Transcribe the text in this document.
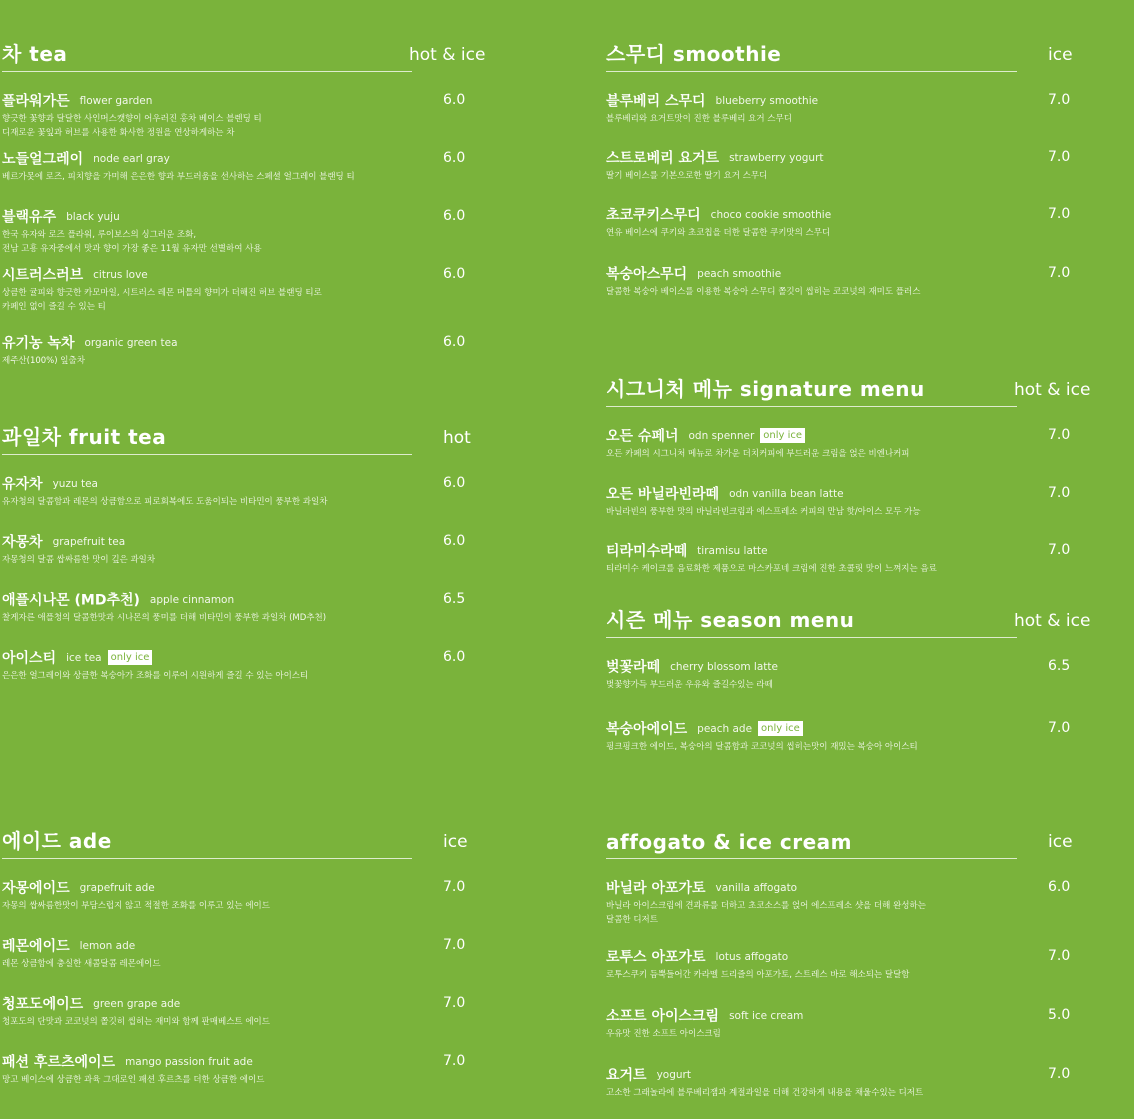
차 tea	hot & ice
플라워가든 flower garden	6.0
향긋한 꽃향과 달달한 사인머스캣향이 어우러진 홍차 베이스 블렌딩 티
디재로운 꽃잎과 허브를 사용한 화사한 정원을 연상하게하는 차
노들얼그레이 node earl gray	6.0
베르가못에 로즈, 피치향을 가미해 은은한 향과 부드러움을 선사하는 스페셜 얼그레이 블랜딩 티
블랙유주 black yuju	6.0
한국 유자와 로즈 플라워, 루이보스의 싱그러운 조화,
전남 고흥 유자중에서 맛과 향이 가장 좋은 11월 유자만 선별하여 사용
시트러스러브 citrus love	6.0
상큼한 귤피와 향긋한 카모마일, 시트러스 레몬 머틀의 향미가 더해진 허브 블랜딩 티로
카페인 없이 즐길 수 있는 티
유기농 녹차 organic green tea	6.0
제주산(100%) 잎출차
과일차 fruit tea	hot
유자차 yuzu tea	6.0
유자청의 달콤함과 레몬의 상큼함으로 피로회복에도 도움이되는 비타민이 풍부한 과일차
자몽차 grapefruit tea	6.0
자몽청의 달콤 쌉싸름한 맛이 깊은 과일차
애플시나몬 (MD추천) apple cinnamon	6.5
찰게자른 애플청의 달콤한맛과 시나몬의 풍미를 더해 비타민이 풍부한 과일차 (MD추천)
아이스티 ice tea only ice	6.0
은은한 얼그레이와 상큼한 복숭아가 조화를 이루어 시원하게 즐길 수 있는 아이스티
에이드 ade	ice
자몽에이드 grapefruit ade	7.0
자몽의 쌉싸름한맛이 부담스럽지 않고 적절한 조화를 이루고 있는 에이드
레몬에이드 lemon ade	7.0
레몬 상큼함에 충실한 새콤달콤 레몬에이드
청포도에이드 green grape ade	7.0
청포도의 단맛과 코코넛의 쫄깃히 씹히는 재미와 함께 판매베스트 에이드
패션 후르츠에이드 mango passion fruit ade	7.0
망고 베이스에 상큼한 과육 그대로인 패션 후르츠를 더한 상큼한 에이드
스무디 smoothie	ice
블루베리 스무디 blueberry smoothie	7.0
블루베리와 요거트맛이 진한 블루베리 요거 스무디
스트로베리 요거트 strawberry yogurt	7.0
딸기 베이스를 기본으로한 딸기 요거 스무디
초코쿠키스무디 choco cookie smoothie	7.0
연유 베이스에 쿠키와 초코칩을 더한 달콤한 쿠키맛의 스무디
복숭아스무디 peach smoothie	7.0
달콤한 복숭아 베이스를 이용한 복숭아 스무디 쫄깃이 씹히는 코코넛의 재미도 플러스
시그니처 메뉴 signature menu	hot & ice
오든 슈페너 odn spenner only ice	7.0
오든 카페의 시그니처 메뉴로 차가운 더치커피에 부드러운 크림을 얹은 비엔나커피
오든 바닐라빈라떼 odn vanilla bean latte	7.0
바닐라빈의 풍부한 맛의 바닐라빈크림과 에스프레소 커피의 만남 핫/아이스 모두 가능
티라미수라떼 tiramisu latte	7.0
티라미수 케이크를 음료화한 제품으로 마스카포네 크림에 진한 초콜릿 맛이 느껴지는 음료
시즌 메뉴 season menu	hot & ice
벚꽃라떼 cherry blossom latte	6.5
벚꽃향가득 부드러운 우유와 즐길수있는 라떼
복숭아에이드 peach ade only ice	7.0
핑크핑크한 에이드, 복숭아의 달콤함과 코코넛의 씹히는맛이 재밌는 복숭아 아이스티
affogato & ice cream	ice
바닐라 아포가토 vanilla affogato	6.0
바닐라 아이스크림에 견과류를 더하고 초코소스를 얹어 에스프레소 샷을 더해 완성하는
달콤한 디저트
로투스 아포가토 lotus affogato	7.0
로투스쿠키 듬뿍들어간 카라멜 드리즐의 아포가토, 스트레스 바로 해소되는 달달함
소프트 아이스크림 soft ice cream	5.0
우유맛 진한 소프트 아이스크림
요거트 yogurt	7.0
고소한 그래놀라에 블루베리잼과 계절과일을 더해 건강하게 내용을 채울수있는 디저트
